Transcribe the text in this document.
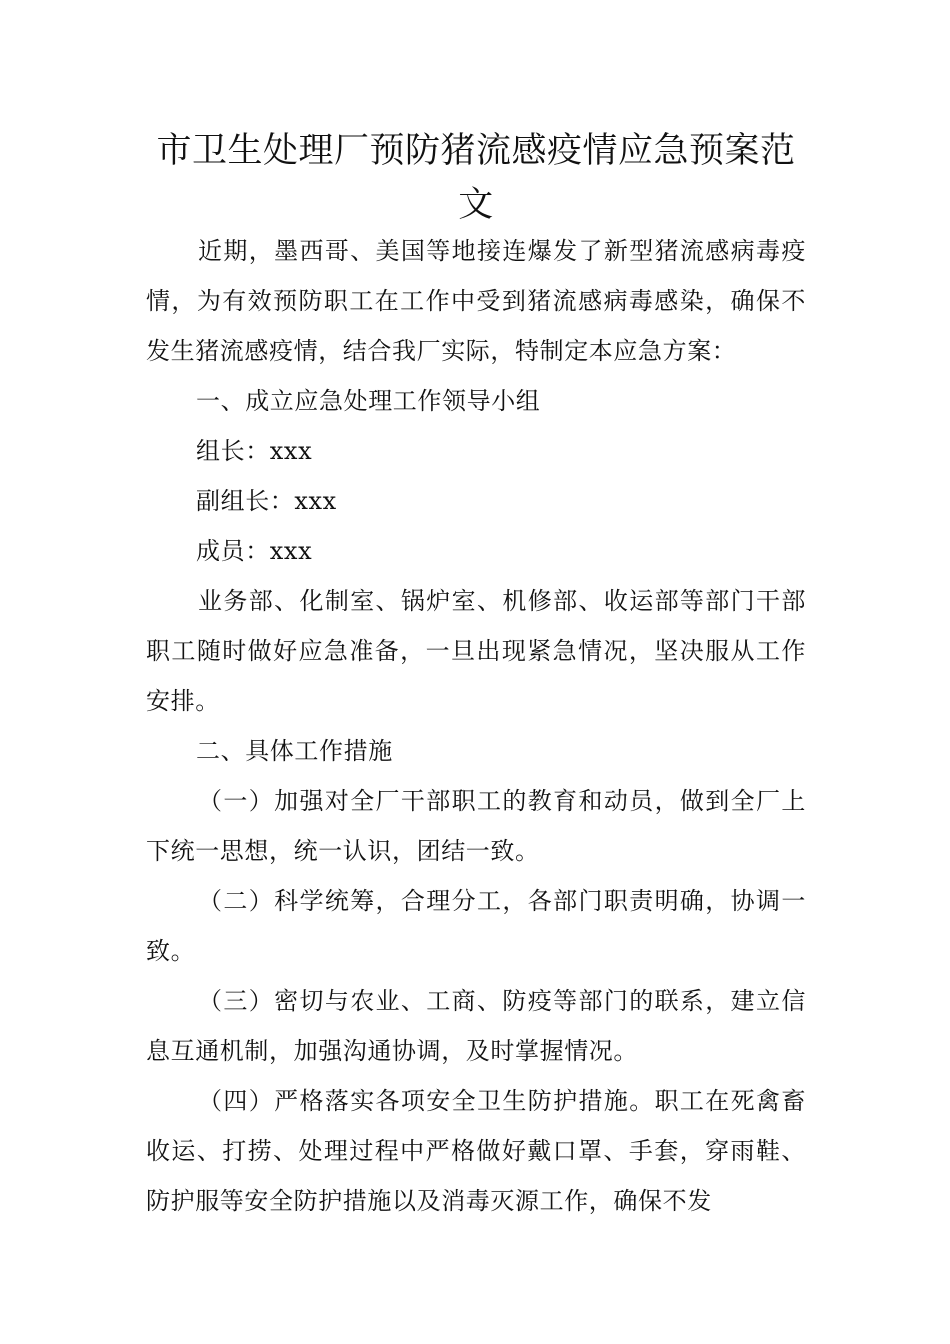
市卫生处理厂预防猪流感疫情应急预案范文

近期，墨西哥、美国等地接连爆发了新型猪流感病毒疫情，为有效预防职工在工作中受到猪流感病毒感染，确保不发生猪流感疫情，结合我厂实际，特制定本应急方案：

一、成立应急处理工作领导小组

组长：xxx

副组长：xxx

成员：xxx

业务部、化制室、锅炉室、机修部、收运部等部门干部职工随时做好应急准备，一旦出现紧急情况，坚决服从工作安排。

二、具体工作措施

（一）加强对全厂干部职工的教育和动员，做到全厂上下统一思想，统一认识，团结一致。

（二）科学统筹，合理分工，各部门职责明确，协调一致。

（三）密切与农业、工商、防疫等部门的联系，建立信息互通机制，加强沟通协调，及时掌握情况。

（四）严格落实各项安全卫生防护措施。职工在死禽畜收运、打捞、处理过程中严格做好戴口罩、手套，穿雨鞋、防护服等安全防护措施以及消毒灭源工作，确保不发
